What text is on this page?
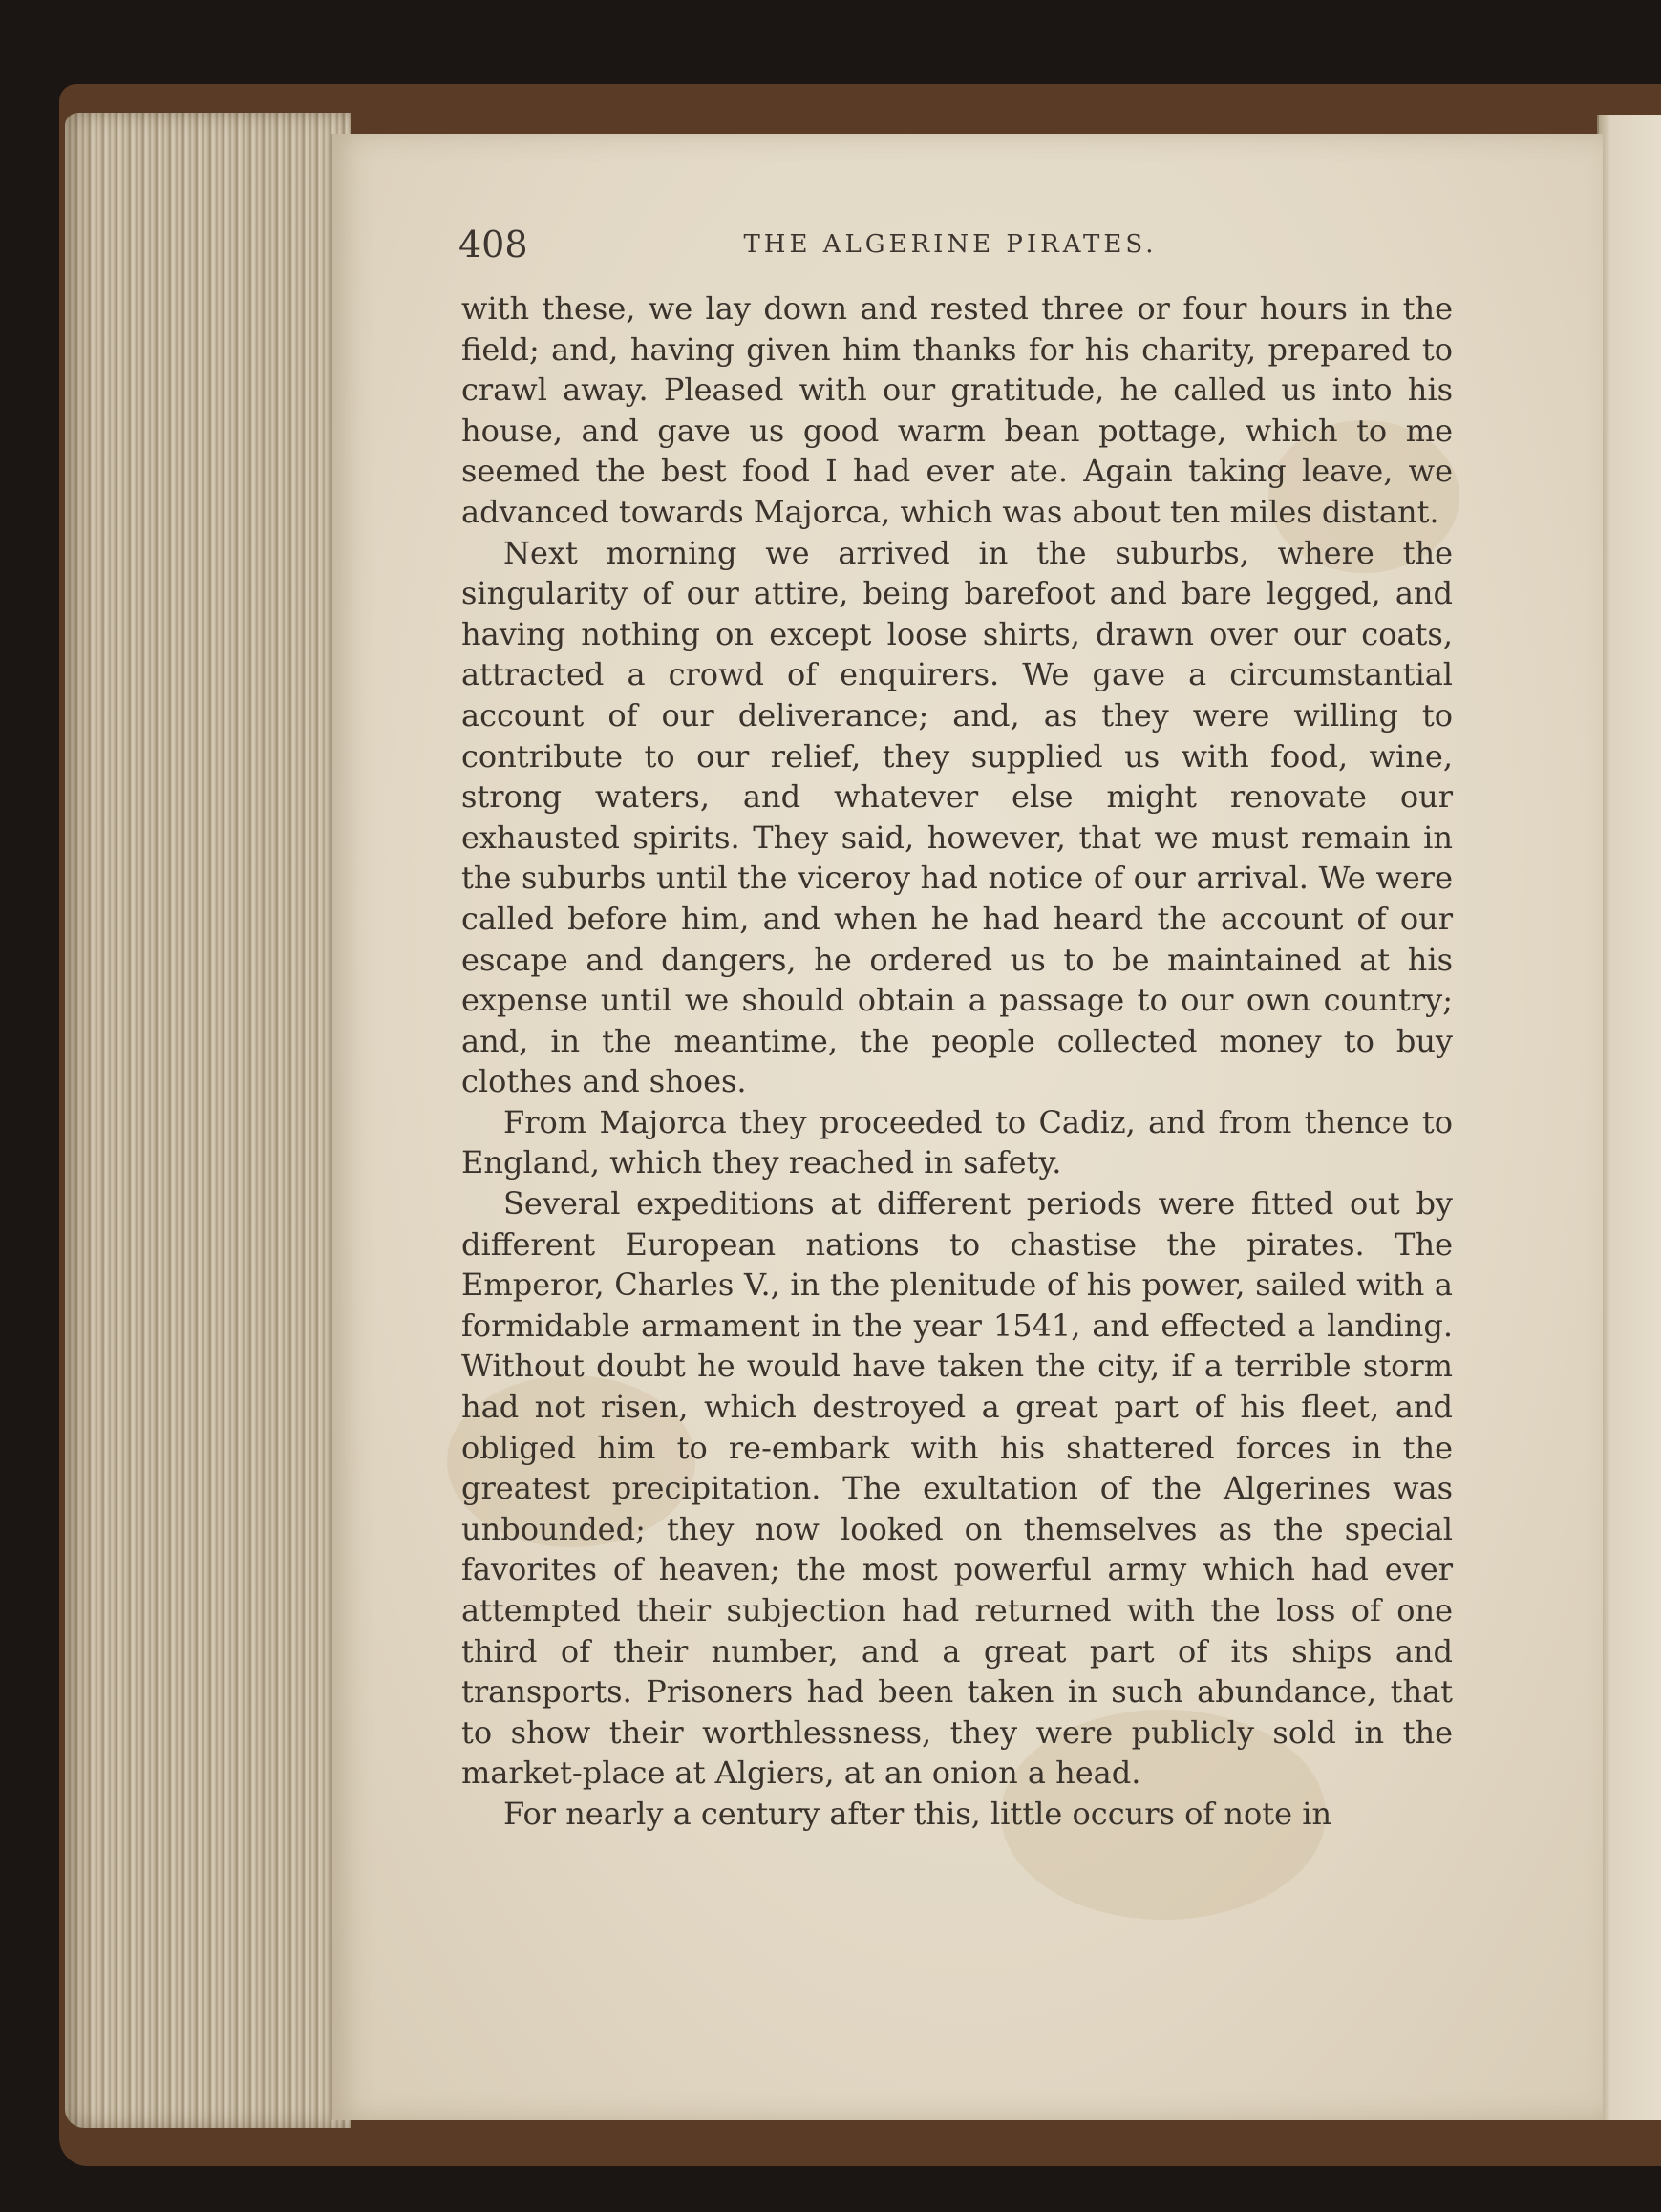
408	THE ALGERINE PIRATES.

with these, we lay down and rested three or four hours in the field; and, having given him thanks for his charity, prepared to crawl away. Pleased with our gratitude, he called us into his house, and gave us good warm bean pottage, which to me seemed the best food I had ever ate. Again taking leave, we advanced towards Majorca, which was about ten miles distant.

Next morning we arrived in the suburbs, where the singularity of our attire, being barefoot and bare legged, and having nothing on except loose shirts, drawn over our coats, attracted a crowd of enquirers. We gave a circumstantial account of our deliverance; and, as they were willing to contribute to our relief, they supplied us with food, wine, strong waters, and whatever else might renovate our exhausted spirits. They said, however, that we must remain in the suburbs until the viceroy had notice of our arrival. We were called before him, and when he had heard the account of our escape and dangers, he ordered us to be maintained at his expense until we should obtain a passage to our own country; and, in the meantime, the people collected money to buy clothes and shoes.

From Majorca they proceeded to Cadiz, and from thence to England, which they reached in safety.

Several expeditions at different periods were fitted out by different European nations to chastise the pirates. The Emperor, Charles V., in the plenitude of his power, sailed with a formidable armament in the year 1541, and effected a landing. Without doubt he would have taken the city, if a terrible storm had not risen, which destroyed a great part of his fleet, and obliged him to re-embark with his shattered forces in the greatest precipitation. The exultation of the Algerines was unbounded; they now looked on themselves as the special favorites of heaven; the most powerful army which had ever attempted their subjection had returned with the loss of one third of their number, and a great part of its ships and transports. Prisoners had been taken in such abundance, that to show their worthlessness, they were publicly sold in the market-place at Algiers, at an onion a head.

For nearly a century after this, little occurs of note in
